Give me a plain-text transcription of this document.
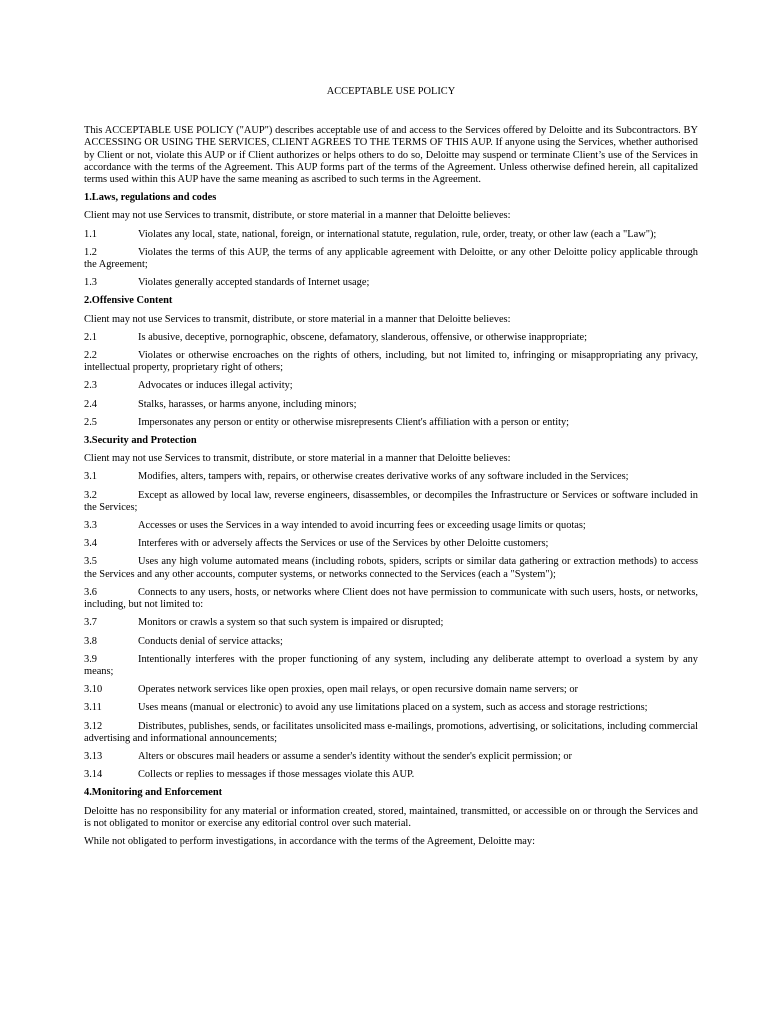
ACCEPTABLE USE POLICY

This ACCEPTABLE USE POLICY ("AUP") describes acceptable use of and access to the Services offered by Deloitte and its Subcontractors. BY ACCESSING OR USING THE SERVICES, CLIENT AGREES TO THE TERMS OF THIS AUP. If anyone using the Services, whether authorised by Client or not, violate this AUP or if Client authorizes or helps others to do so, Deloitte may suspend or terminate Client’s use of the Services in accordance with the terms of the Agreement. This AUP forms part of the terms of the Agreement. Unless otherwise defined herein, all capitalized terms used within this AUP have the same meaning as ascribed to such terms in the Agreement.

1.Laws, regulations and codes

Client may not use Services to transmit, distribute, or store material in a manner that Deloitte believes:

1.1	Violates any local, state, national, foreign, or international statute, regulation, rule, order, treaty, or other law (each a "Law");

1.2	Violates the terms of this AUP, the terms of any applicable agreement with Deloitte, or any other Deloitte policy applicable through the Agreement;

1.3	Violates generally accepted standards of Internet usage;

2.Offensive Content

Client may not use Services to transmit, distribute, or store material in a manner that Deloitte believes:

2.1	Is abusive, deceptive, pornographic, obscene, defamatory, slanderous, offensive, or otherwise inappropriate;

2.2	Violates or otherwise encroaches on the rights of others, including, but not limited to, infringing or misappropriating any privacy, intellectual property, proprietary right of others;

2.3	Advocates or induces illegal activity;

2.4	Stalks, harasses, or harms anyone, including minors;

2.5	Impersonates any person or entity or otherwise misrepresents Client's affiliation with a person or entity;

3.Security and Protection

Client may not use Services to transmit, distribute, or store material in a manner that Deloitte believes:

3.1	Modifies, alters, tampers with, repairs, or otherwise creates derivative works of any software included in the Services;

3.2	Except as allowed by local law, reverse engineers, disassembles, or decompiles the Infrastructure or Services or software included in the Services;

3.3	Accesses or uses the Services in a way intended to avoid incurring fees or exceeding usage limits or quotas;

3.4	Interferes with or adversely affects the Services or use of the Services by other Deloitte customers;

3.5	Uses any high volume automated means (including robots, spiders, scripts or similar data gathering or extraction methods) to access the Services and any other accounts, computer systems, or networks connected to the Services (each a "System");

3.6	Connects to any users, hosts, or networks where Client does not have permission to communicate with such users, hosts, or networks, including, but not limited to:

3.7	Monitors or crawls a system so that such system is impaired or disrupted;

3.8	Conducts denial of service attacks;

3.9	Intentionally interferes with the proper functioning of any system, including any deliberate attempt to overload a system by any means;

3.10	Operates network services like open proxies, open mail relays, or open recursive domain name servers; or

3.11	Uses means (manual or electronic) to avoid any use limitations placed on a system, such as access and storage restrictions;

3.12	Distributes, publishes, sends, or facilitates unsolicited mass e-mailings, promotions, advertising, or solicitations, including commercial advertising and informational announcements;

3.13	Alters or obscures mail headers or assume a sender's identity without the sender's explicit permission; or

3.14	Collects or replies to messages if those messages violate this AUP.

4.Monitoring and Enforcement

Deloitte has no responsibility for any material or information created, stored, maintained, transmitted, or accessible on or through the Services and is not obligated to monitor or exercise any editorial control over such material.

While not obligated to perform investigations, in accordance with the terms of the Agreement, Deloitte may:
